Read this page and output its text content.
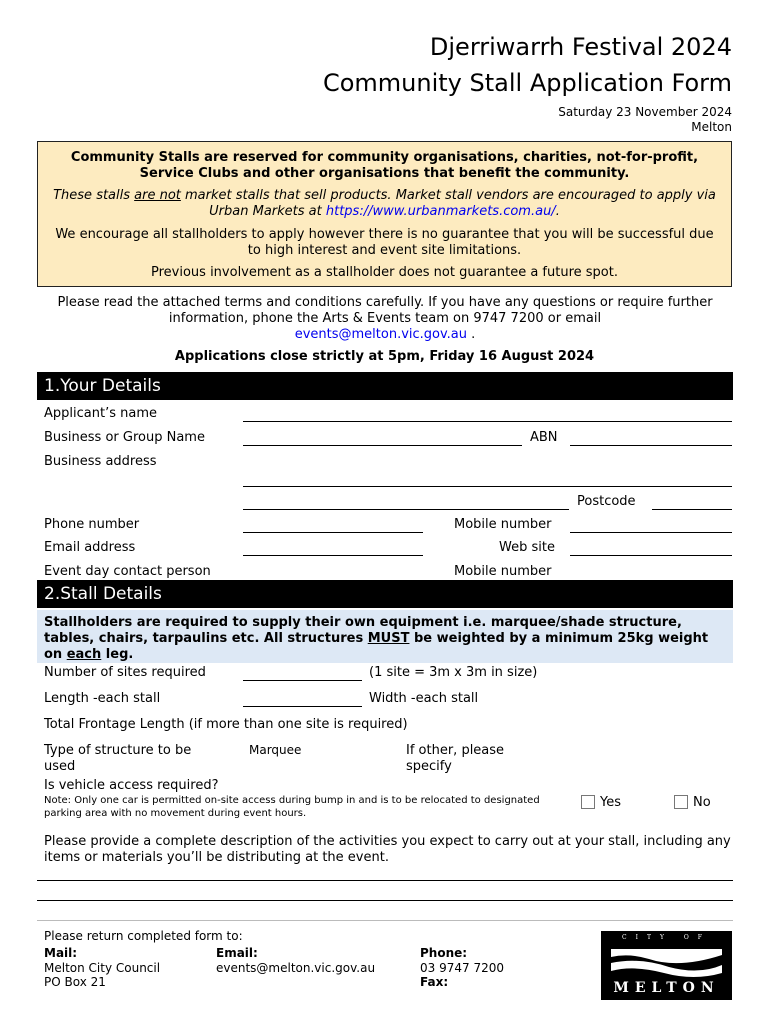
Djerriwarrh Festival 2024
Community Stall Application Form
Saturday 23 November 2024
Melton

Community Stalls are reserved for community organisations, charities, not-for-profit, Service Clubs and other organisations that benefit the community.

These stalls are not market stalls that sell products. Market stall vendors are encouraged to apply via Urban Markets at https://www.urbanmarkets.com.au/.

We encourage all stallholders to apply however there is no guarantee that you will be successful due to high interest and event site limitations.

Previous involvement as a stallholder does not guarantee a future spot.

Please read the attached terms and conditions carefully. If you have any questions or require further information, phone the Arts & Events team on 9747 7200 or email
events@melton.vic.gov.au .
Applications close strictly at 5pm, Friday 16 August 2024
1.Your Details
Applicant’s name
Business or Group Name	ABN
Business address
Postcode
Phone number	Mobile number
Email address	Web site
Event day contact person	Mobile number
2.Stall Details
Stallholders are required to supply their own equipment i.e. marquee/shade structure, tables, chairs, tarpaulins etc. All structures MUST be weighted by a minimum 25kg weight on each leg.
Number of sites required	(1 site = 3m x 3m in size)
Length -each stall	Width -each stall
Total Frontage Length (if more than one site is required)
Type of structure to be used
Marquee	If other, please specify
Is vehicle access required?
Note: Only one car is permitted on-site access during bump in and is to be relocated to designated parking area with no movement during event hours.
Yes	No
Please provide a complete description of the activities you expect to carry out at your stall, including any items or materials you’ll be distributing at the event.
Please return completed form to:
Mail:
Melton City Council
PO Box 21
Email:
events@melton.vic.gov.au
Phone:
03 9747 7200
Fax:
CITY OF
MELTON
